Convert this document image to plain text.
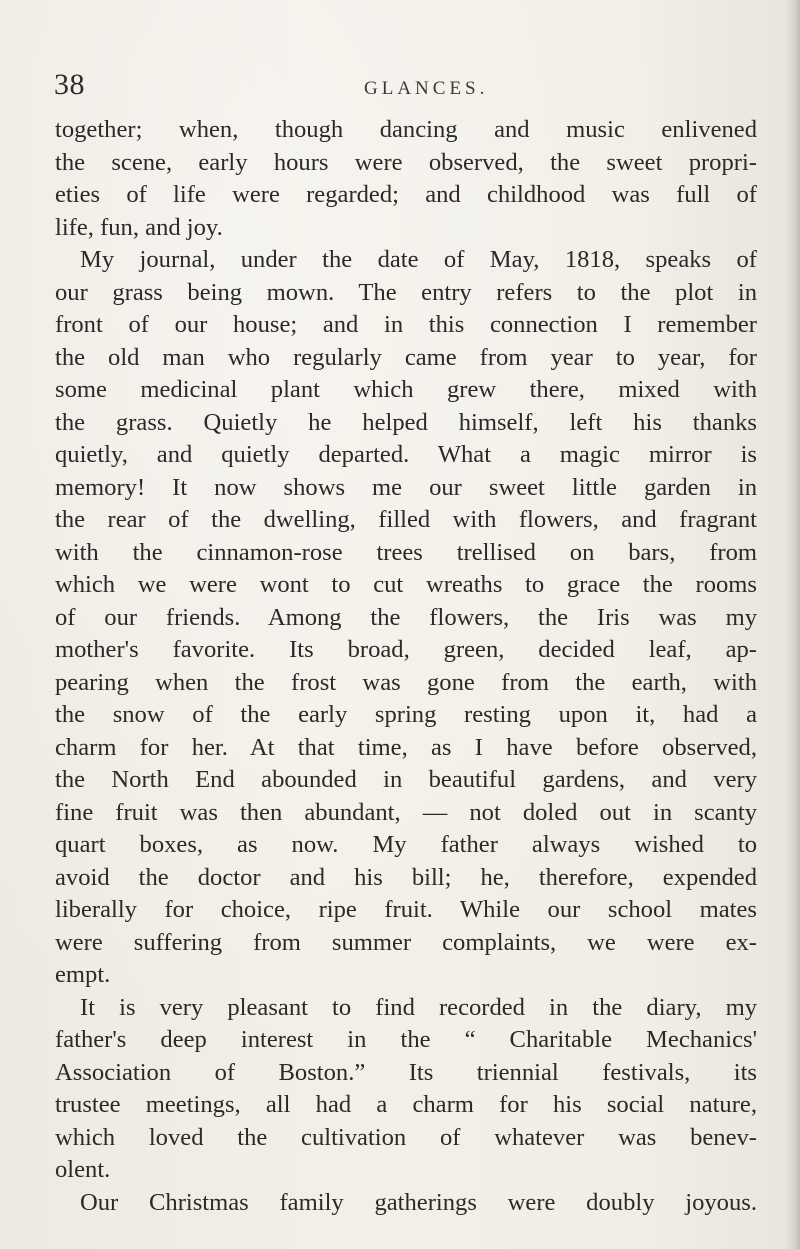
38	GLANCES.
together; when, though dancing and music enlivened
the scene, early hours were observed, the sweet propri-
eties of life were regarded; and childhood was full of
life, fun, and joy.
My journal, under the date of May, 1818, speaks of
our grass being mown. The entry refers to the plot in
front of our house; and in this connection I remember
the old man who regularly came from year to year, for
some medicinal plant which grew there, mixed with
the grass. Quietly he helped himself, left his thanks
quietly, and quietly departed. What a magic mirror is
memory! It now shows me our sweet little garden in
the rear of the dwelling, filled with flowers, and fragrant
with the cinnamon-rose trees trellised on bars, from
which we were wont to cut wreaths to grace the rooms
of our friends. Among the flowers, the Iris was my
mother's favorite. Its broad, green, decided leaf, ap-
pearing when the frost was gone from the earth, with
the snow of the early spring resting upon it, had a
charm for her. At that time, as I have before observed,
the North End abounded in beautiful gardens, and very
fine fruit was then abundant, — not doled out in scanty
quart boxes, as now. My father always wished to
avoid the doctor and his bill; he, therefore, expended
liberally for choice, ripe fruit. While our school mates
were suffering from summer complaints, we were ex-
empt.
It is very pleasant to find recorded in the diary, my
father's deep interest in the “ Charitable Mechanics'
Association of Boston.” Its triennial festivals, its
trustee meetings, all had a charm for his social nature,
which loved the cultivation of whatever was benev-
olent.
Our Christmas family gatherings were doubly joyous.
